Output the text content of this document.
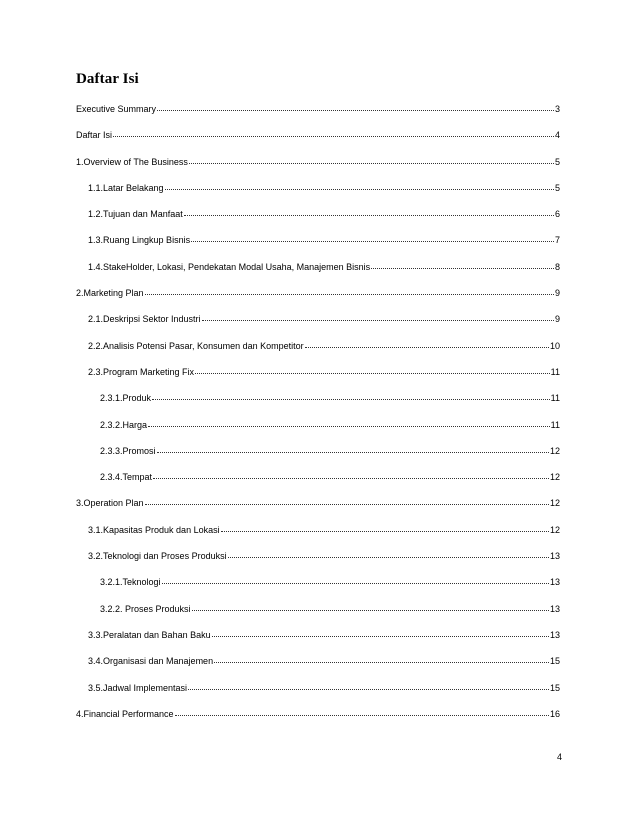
Daftar Isi
Executive Summary	3
Daftar Isi	4
1.Overview of The Business	5
1.1.Latar Belakang	5
1.2.Tujuan dan Manfaat	6
1.3.Ruang Lingkup Bisnis	7
1.4.StakeHolder, Lokasi, Pendekatan Modal Usaha, Manajemen Bisnis	8
2.Marketing Plan	9
2.1.Deskripsi Sektor Industri	9
2.2.Analisis Potensi Pasar, Konsumen dan Kompetitor	10
2.3.Program Marketing Fix	11
2.3.1.Produk	11
2.3.2.Harga	11
2.3.3.Promosi	12
2.3.4.Tempat	12
3.Operation Plan	12
3.1.Kapasitas Produk dan Lokasi	12
3.2.Teknologi dan Proses Produksi	13
3.2.1.Teknologi	13
3.2.2. Proses Produksi	13
3.3.Peralatan dan Bahan Baku	13
3.4.Organisasi dan Manajemen	15
3.5.Jadwal Implementasi	15
4.Financial Performance	16
4
